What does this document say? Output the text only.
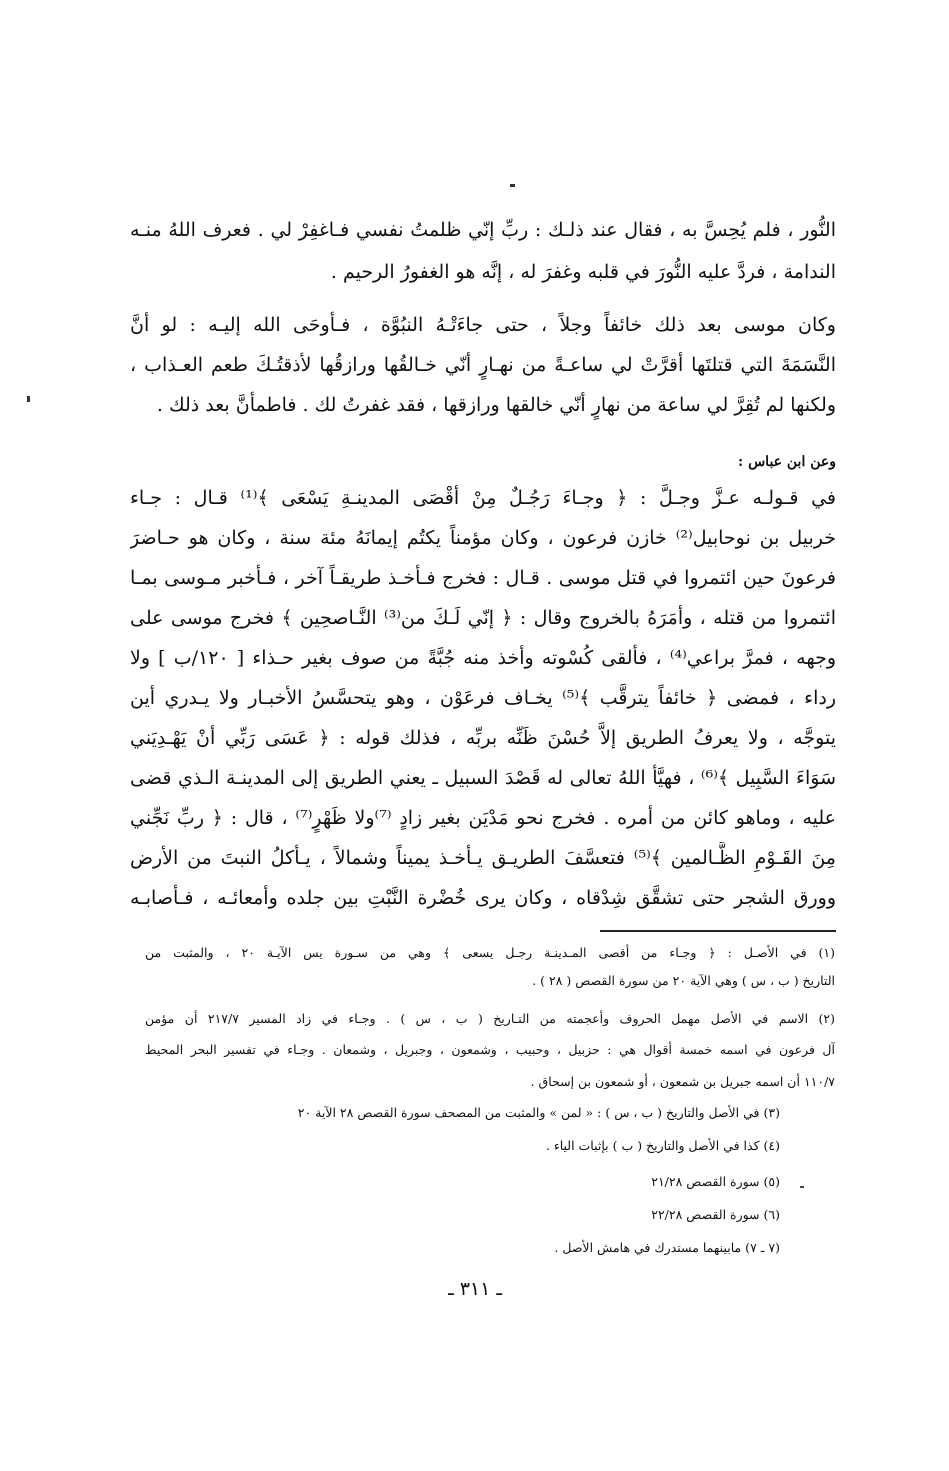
النُّور ، فلم يُحِسَّ به ، فقال عند ذلـك : ربِّ إنّي ظلمتُ نفسي فـاغفِرْ لي . فعرف اللهُ منـه
الندامة ، فردَّ عليه النُّورَ في قلبه وغفرَ له ، إنَّه هو الغفورُ الرحيم .
وكان موسى بعد ذلك خائفاً وجلاً ، حتى جاءَتْـهُ النبُوَّة ، فـأوحَى الله إليـه : لو أنَّ
النَّسَمَةَ التي قتلتَها أقرَّتْ لي ساعـةً من نهـارٍ أنّي خـالقُها ورازقُها لأذقتُـكَ طعم العـذاب ،
ولكنها لم تُقِرَّ لي ساعة من نهارٍ أنّي خالقها ورازقها ، فقد غفرتُ لك . فاطمأنَّ بعد ذلك .
وعن ابن عباس :
في قـولـه عـزَّ وجـلَّ : ﴿ وجـاءَ رَجُـلٌ مِنْ أقْصَى المدينـةِ يَسْعَى ﴾⁽¹⁾ قـال : جـاء
خربيل بن نوحابيل⁽²⁾ خازن فرعون ، وكان مؤمناً يكتُم إيمانَهُ مئة سنة ، وكان هو حـاضرَ
فرعونَ حين ائتمروا في قتل موسى . قـال : فخرج فـأخـذ طريقـاً آخر ، فـأخبر مـوسى بمـا
ائتمروا من قتله ، وأمَرَهُ بالخروج وقال : ﴿ إنّي لَـكَ من⁽³⁾ النَّـاصحِين ﴾ فخرج موسى على
وجهه ، فمرَّ براعي⁽⁴⁾ ، فألقى كُسْوته وأخذ منه جُبَّةً من صوف بغير حـذاء [ ١٢٠/ب ] ولا
رداء ، فمضى ﴿ خائفاً يترقَّب ﴾⁽⁵⁾ يخـاف فرعَوْن ، وهو يتحسَّسُ الأخبـار ولا يـدري أين
يتوجَّه ، ولا يعرفُ الطريق إلاَّ حُسْنَ ظَنِّه بربِّه ، فذلك قوله : ﴿ عَسَى رَبِّي أنْ يَهْـدِيَني
سَوَاءَ السَّبِيل ﴾⁽⁶⁾ ، فهيَّأ اللهُ تعالى له قَصْدَ السبيل ـ يعني الطريق إلى المدينـة الـذي قضى
عليه ، وماهو كائن من أمره . فخرج نحو مَدْيَن بغير زادٍ ⁽⁷⁾ولا ظَهْرٍ⁽⁷⁾ ، قال : ﴿ ربِّ نَجِّني
مِنَ القَـوْمِ الظَّـالمين ﴾⁽⁵⁾ فتعسَّفَ الطريـق يـأخـذ يميناً وشمالاً ، يـأكلُ النبتَ من الأرض
وورق الشجر حتى تشقَّق شِدْقاه ، وكان يرى خُضْرة النَّبْتِ بين جلده وأمعائـه ، فـأصابـه
(١) في الأصـل : ﴿ وجـاء من أقصى المـدينـة رجـل يسعى ﴾ وهي من سـورة يس الآيـة ٢٠ ، والمثبت من
التاريخ ( ب ، س ) وهي الآية ٢٠ من سورة القصص ( ٢٨ ) .
(٢) الاسم في الأصل مهمل الحروف وأعجمته من التـاريخ ( ب ، س ) . وجـاء في زاد المسير ٢١٧/٧ أن مؤمن
آل فرعون في اسمه خمسة أقوال هي : حزبيل ، وحبيب ، وشمعون ، وجبريل ، وشمعان . وجـاء في تفسير البحر المحيط
١١٠/٧ أن اسمه جبريل بن شمعون ، أو شمعون بن إسحاق .
(٣) في الأصل والتاريخ ( ب ، س ) : « لمن » والمثبت من المصحف سورة القصص ٢٨ الآية ٢٠
(٤) كذا في الأصل والتاريخ ( ب ) بإثبات الياء .
(٥) سورة القصص ٢١/٢٨
(٦) سورة القصص ٢٢/٢٨
(٧ ـ ٧) مابينهما مستدرك في هامش الأصل .
ـ ٣١١ ـ
